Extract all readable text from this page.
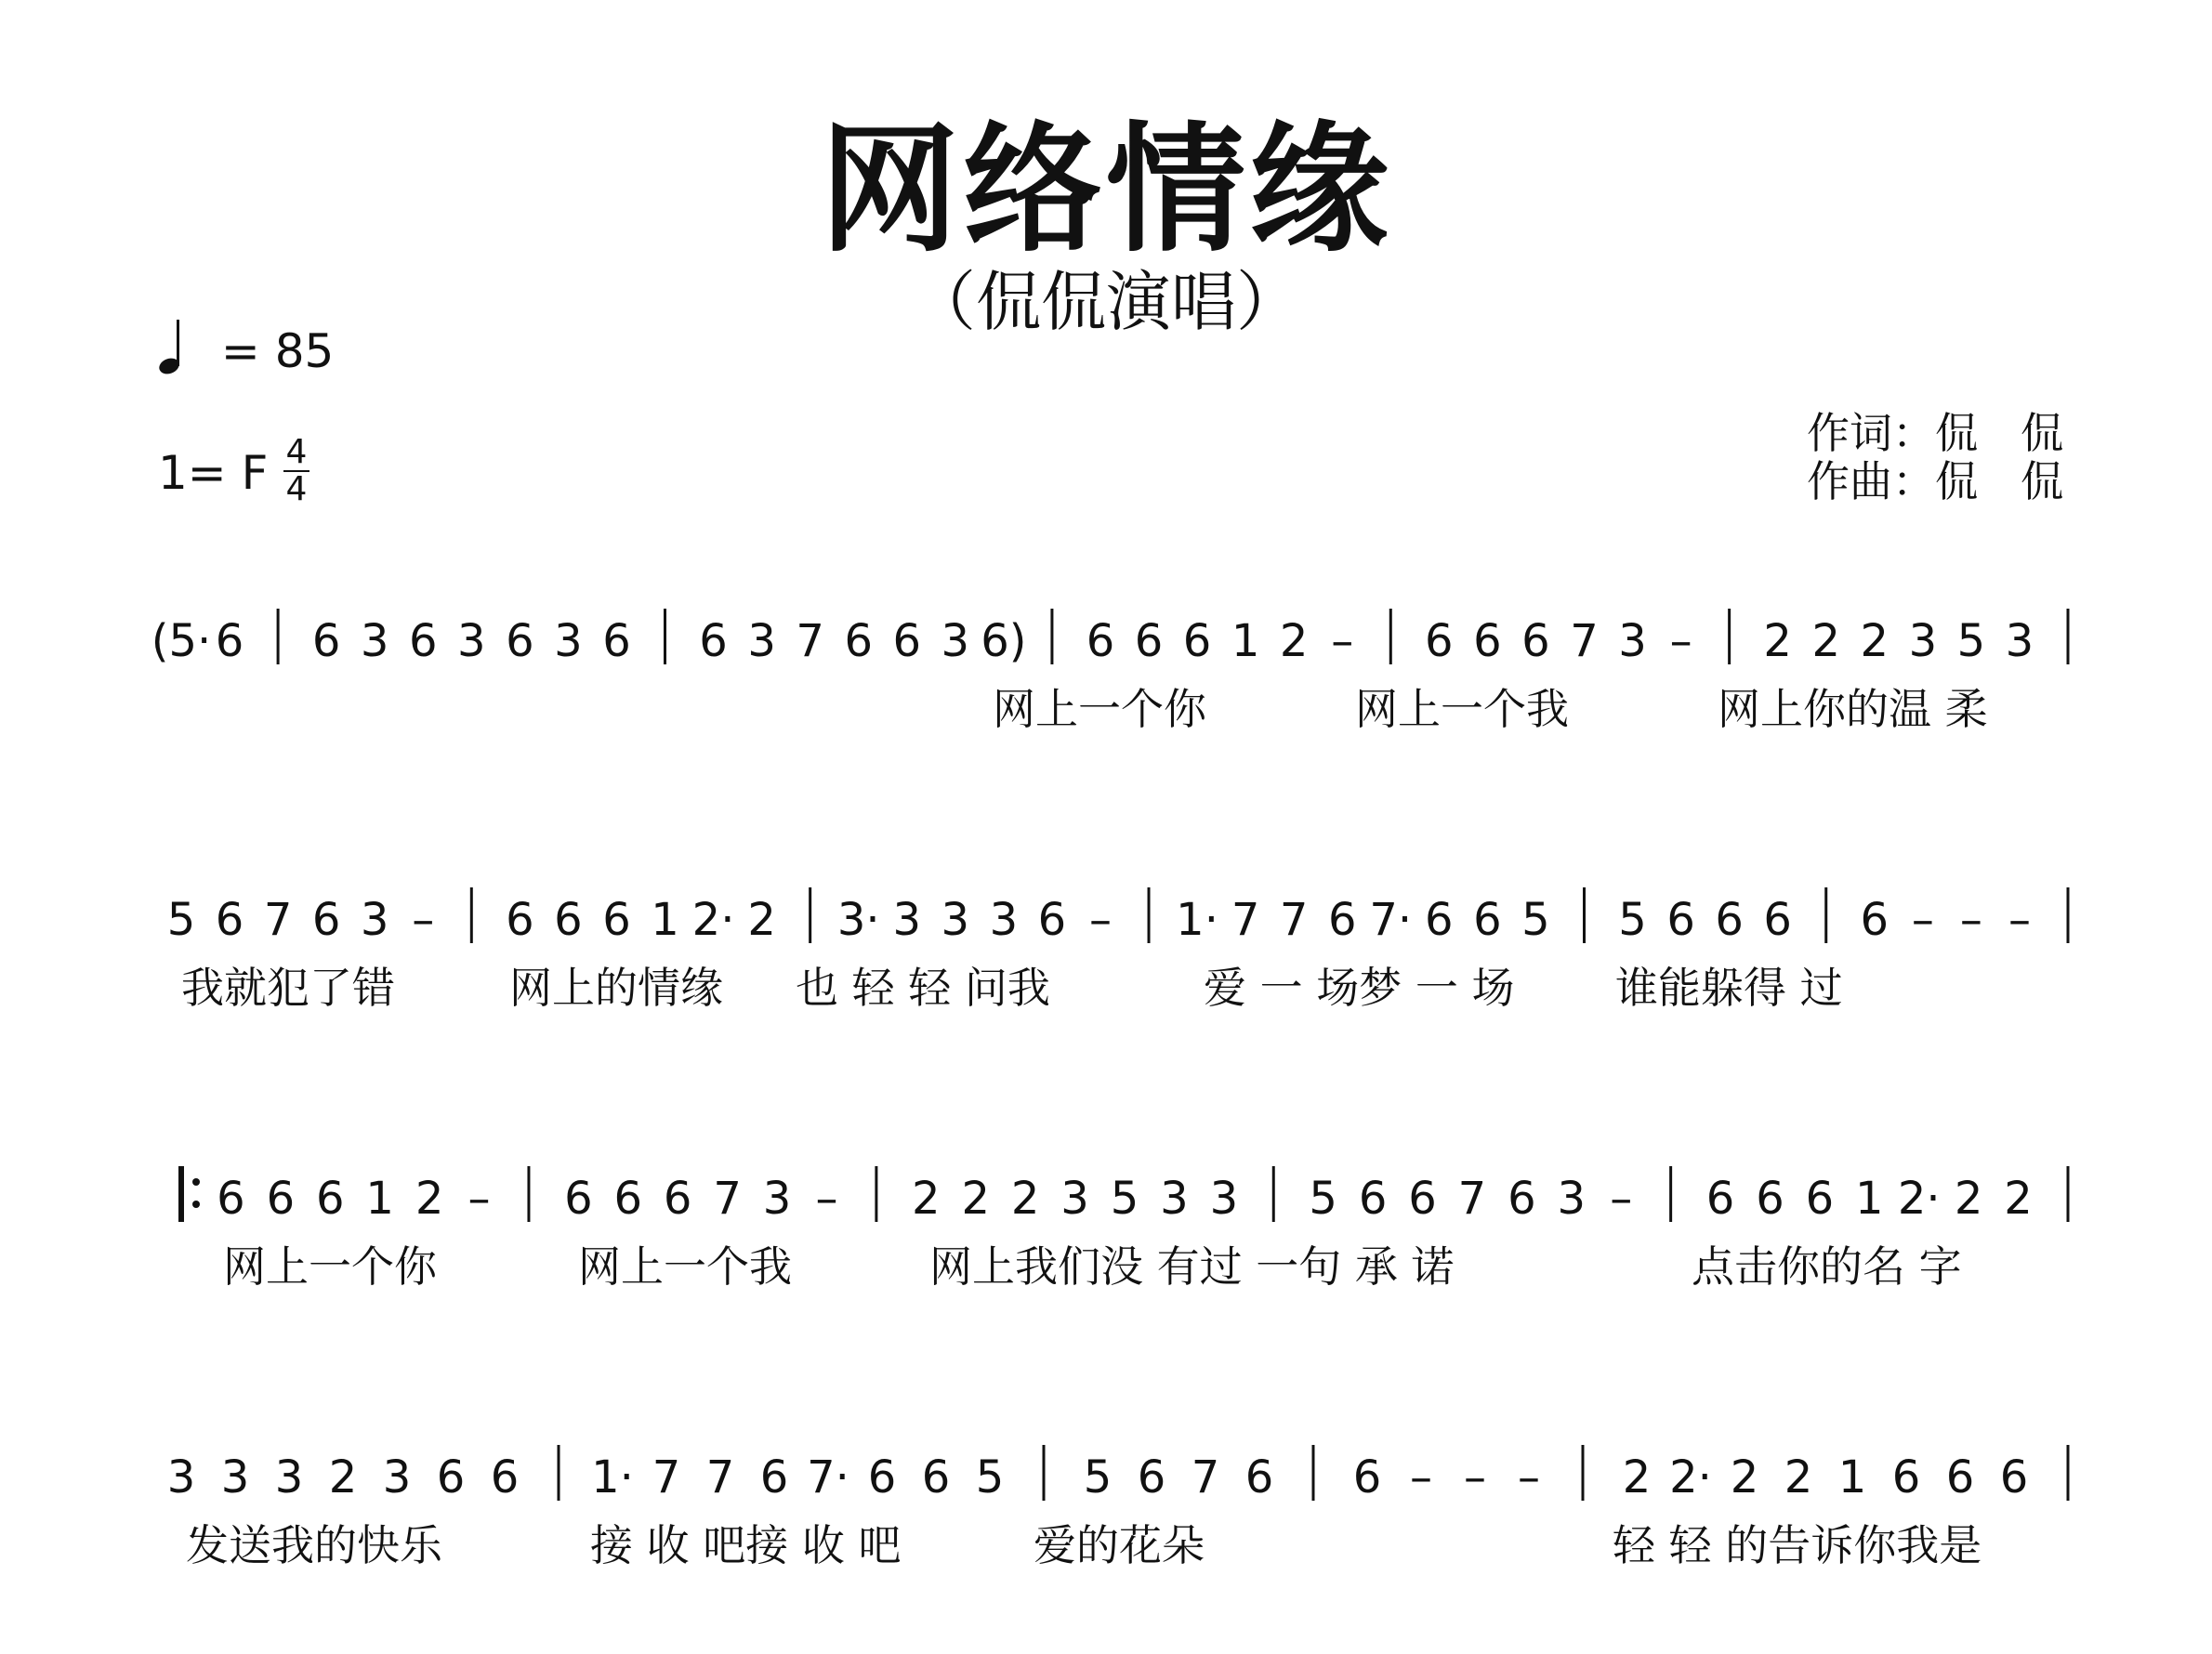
网络情缘
（侃侃演唱）
= 85
1= F 4
4
作词：侃　侃
作曲：侃　侃
(5· 6 6 3 6 3 6 3 6 6 3 7 6 6 3 6) 6 6 6 1 2 – 6 6 6 7 3 – 2 2 2 3 5 3
网上一个你	网上一个我	网上你的温 柔
5 6 7 6 3 – 6 6 6 1 2· 2 3· 3 3 3 6 – 1· 7 7 6 7· 6 6 5 5 6 6 6 6 – – –
我就犯了错	网上的情缘 也 轻 轻 问我	爱 一 场梦 一 场 谁能躲得 过
6 6 6 1 2 – 6 6 6 7 3 – 2 2 2 3 5 3 3 5 6 6 7 6 3 – 6 6 6 1 2· 2 2
网上一个你	网上一个我	网上我们没 有过 一句 承 诺	点击你的名 字
3 3 3 2 3 6 6 1· 7 7 6 7· 6 6 5 5 6 7 6 6 – – – 2 2· 2 2 1 6 6 6
发送我的快乐	接 收 吧接 收 吧	爱的花朵	轻 轻 的告诉你我是
